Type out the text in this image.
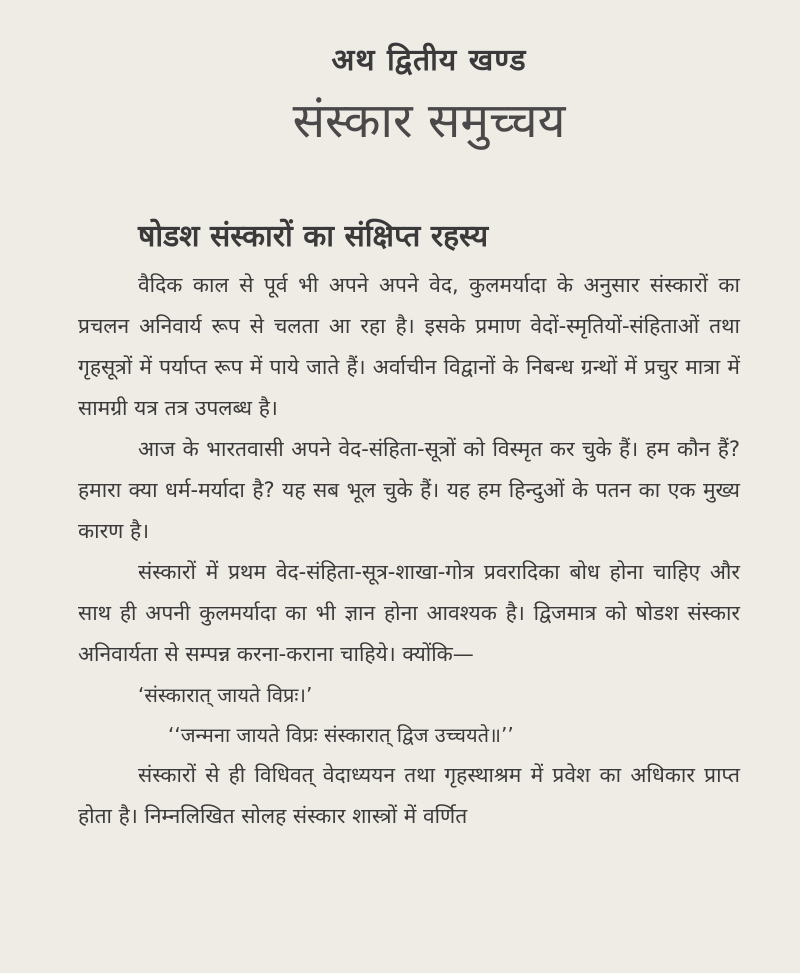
अथ द्वितीय खण्ड
संस्कार समुच्चय
षोडश संस्कारों का संक्षिप्त रहस्य

वैदिक काल से पूर्व भी अपने अपने वेद, कुलमर्यादा के अनुसार संस्कारों का प्रचलन अनिवार्य रूप से चलता आ रहा है। इसके प्रमाण वेदों-स्मृतियों-संहिताओं तथा गृहसूत्रों में पर्याप्त रूप में पाये जाते हैं। अर्वाचीन विद्वानों के निबन्ध ग्रन्थों में प्रचुर मात्रा में सामग्री यत्र तत्र उपलब्ध है।

आज के भारतवासी अपने वेद-संहिता-सूत्रों को विस्मृत कर चुके हैं। हम कौन हैं? हमारा क्या धर्म-मर्यादा है? यह सब भूल चुके हैं। यह हम हिन्दुओं के पतन का एक मुख्य कारण है।

संस्कारों में प्रथम वेद-संहिता-सूत्र-शाखा-गोत्र प्रवरादिका बोध होना चाहिए और साथ ही अपनी कुलमर्यादा का भी ज्ञान होना आवश्यक है। द्विजमात्र को षोडश संस्कार अनिवार्यता से सम्पन्न करना-कराना चाहिये। क्योंकि—

‘संस्कारात् जायते विप्रः।’
‘‘जन्मना जायते विप्रः संस्कारात् द्विज उच्चयते॥’’

संस्कारों से ही विधिवत् वेदाध्ययन तथा गृहस्थाश्रम में प्रवेश का अधिकार प्राप्त होता है। निम्नलिखित सोलह संस्कार शास्त्रों में वर्णित
